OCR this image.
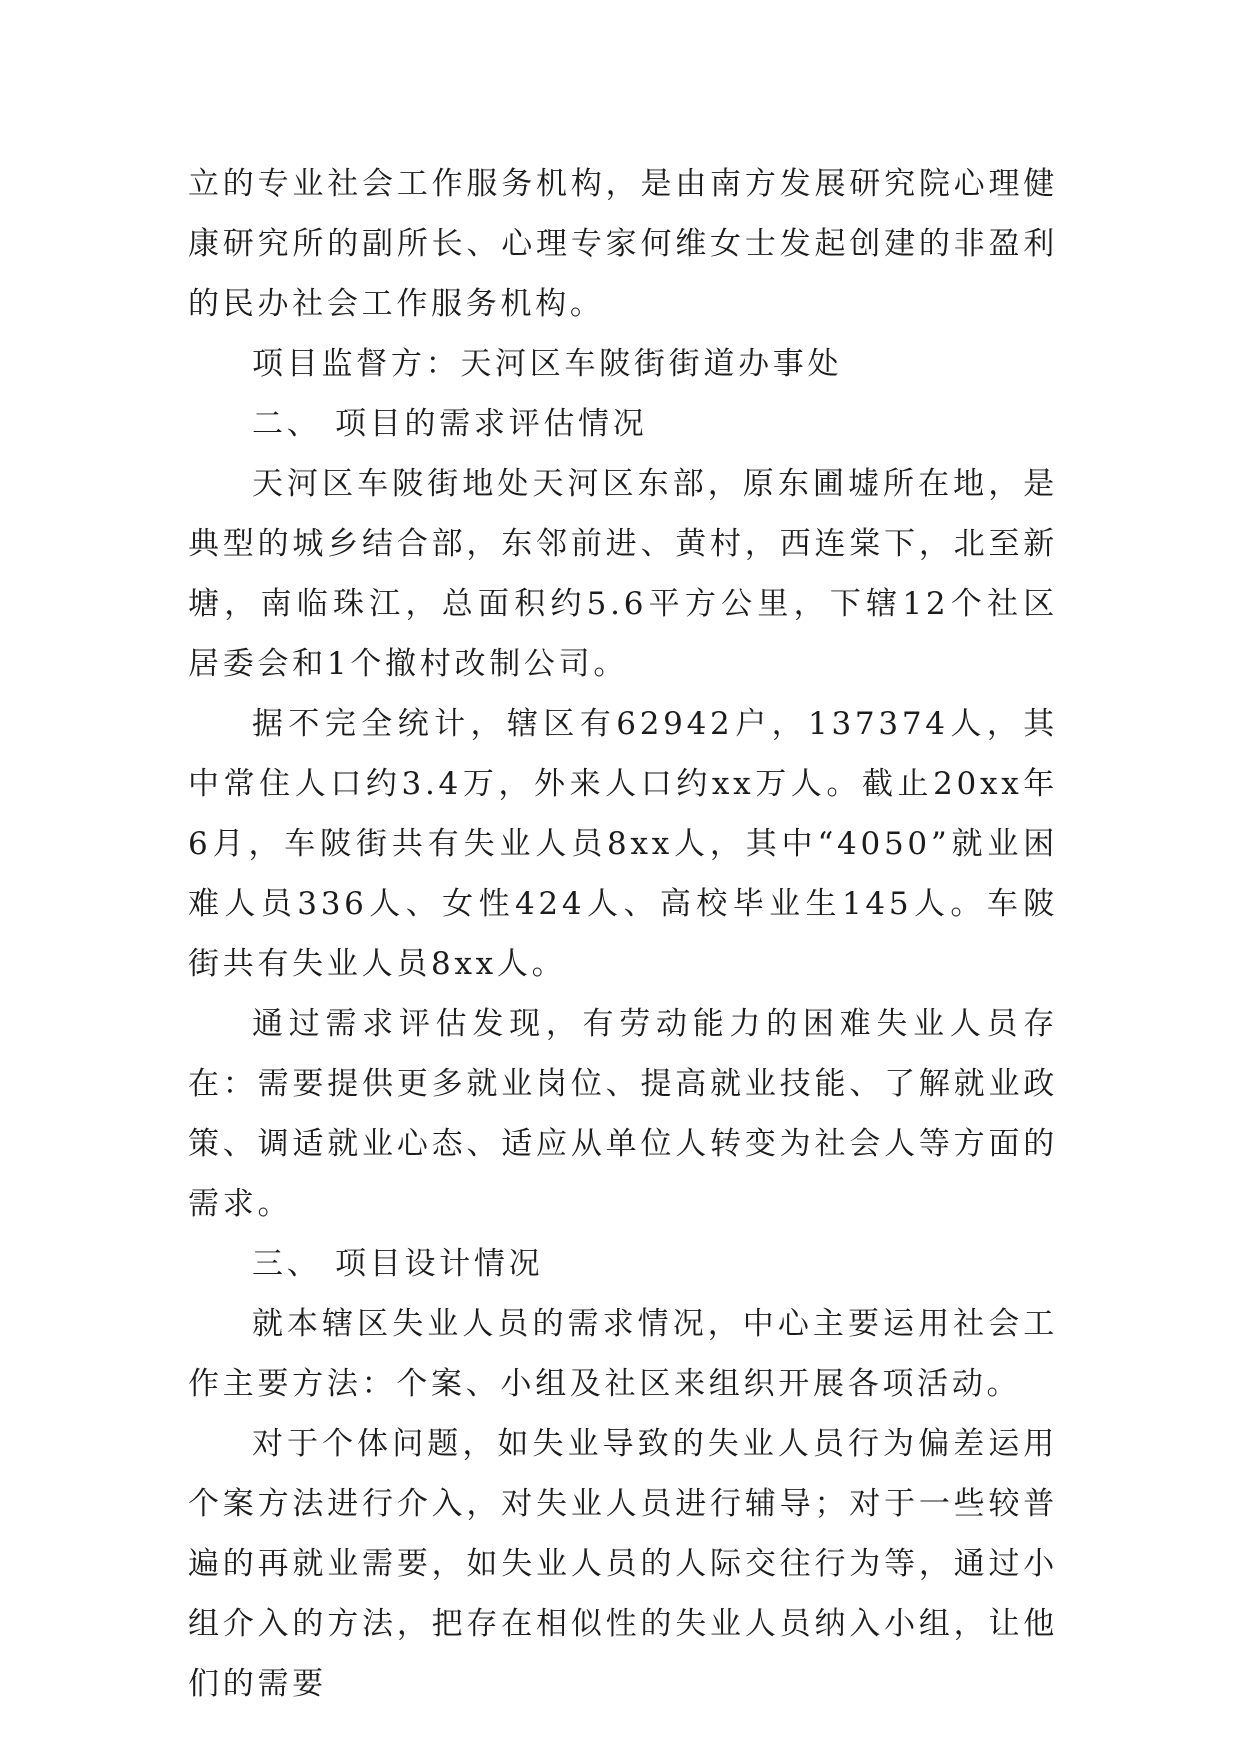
立的专业社会工作服务机构，是由南方发展研究院心理健康研究所的副所长、心理专家何维女士发起创建的非盈利的民办社会工作服务机构。

项目监督方：天河区车陂街街道办事处

二、 项目的需求评估情况

天河区车陂街地处天河区东部，原东圃墟所在地，是典型的城乡结合部，东邻前进、黄村，西连棠下，北至新塘，南临珠江，总面积约5.6平方公里，下辖12个社区居委会和1个撤村改制公司。

据不完全统计，辖区有62942户，137374人，其中常住人口约3.4万，外来人口约xx万人。截止20xx年6月，车陂街共有失业人员8xx人，其中“4050”就业困难人员336人、女性424人、高校毕业生145人。车陂街共有失业人员8xx人。

通过需求评估发现，有劳动能力的困难失业人员存在：需要提供更多就业岗位、提高就业技能、了解就业政策、调适就业心态、适应从单位人转变为社会人等方面的需求。

三、 项目设计情况

就本辖区失业人员的需求情况，中心主要运用社会工作主要方法：个案、小组及社区来组织开展各项活动。

对于个体问题，如失业导致的失业人员行为偏差运用个案方法进行介入，对失业人员进行辅导；对于一些较普遍的再就业需要，如失业人员的人际交往行为等，通过小组介入的方法，把存在相似性的失业人员纳入小组，让他们的需要
